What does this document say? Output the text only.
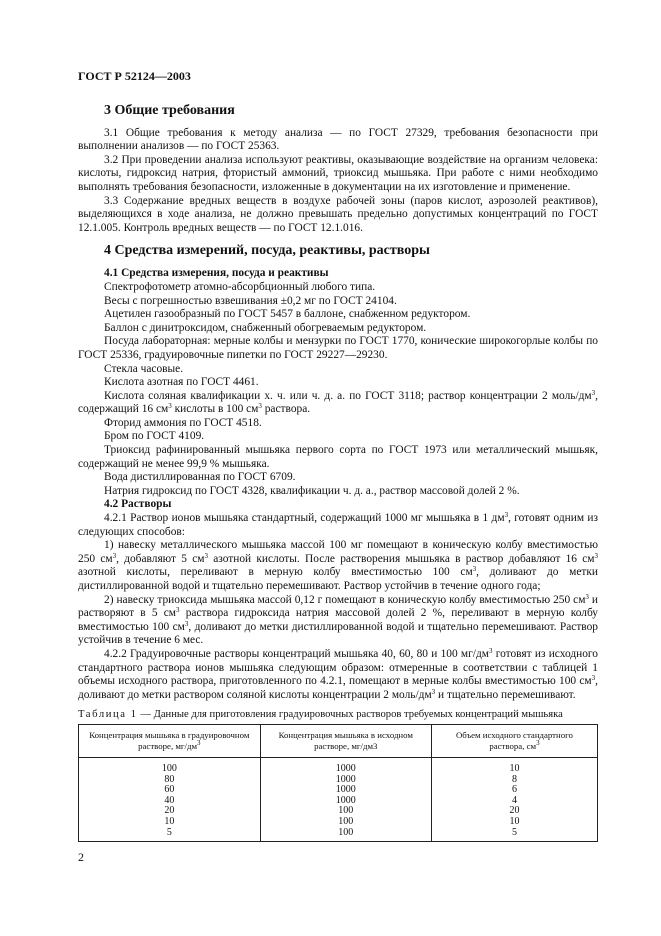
ГОСТ Р 52124—2003
3 Общие требования

3.1 Общие требования к методу анализа — по ГОСТ 27329, требования безопасности при выполнении анализов — по ГОСТ 25363.

3.2 При проведении анализа используют реактивы, оказывающие воздействие на организм человека: кислоты, гидроксид натрия, фтористый аммоний, триоксид мышьяка. При работе с ними необходимо выполнять требования безопасности, изложенные в документации на их изготовление и применение.

3.3 Содержание вредных веществ в воздухе рабочей зоны (паров кислот, аэрозолей реактивов), выделяющихся в ходе анализа, не должно превышать предельно допустимых концентраций по ГОСТ 12.1.005. Контроль вредных веществ — по ГОСТ 12.1.016.

4 Средства измерений, посуда, реактивы, растворы
4.1 Средства измерения, посуда и реактивы

Спектрофотометр атомно-абсорбционный любого типа.

Весы с погрешностью взвешивания ±0,2 мг по ГОСТ 24104.

Ацетилен газообразный по ГОСТ 5457 в баллоне, снабженном редуктором.

Баллон с динитроксидом, снабженный обогреваемым редуктором.

Посуда лабораторная: мерные колбы и мензурки по ГОСТ 1770, конические широкогорлые колбы по ГОСТ 25336, градуировочные пипетки по ГОСТ 29227—29230.

Стекла часовые.

Кислота азотная по ГОСТ 4461.

Кислота соляная квалификации х. ч. или ч. д. а. по ГОСТ 3118; раствор концентрации 2 моль/$дм^3$, содержащий 16 $см^3$ кислоты в 100 $см^3$ раствора.

Фторид аммония по ГОСТ 4518.

Бром по ГОСТ 4109.

Триоксид рафинированный мышьяка первого сорта по ГОСТ 1973 или металлический мышьяк, содержащий не менее 99,9 % мышьяка.

Вода дистиллированная по ГОСТ 6709.

Натрия гидроксид по ГОСТ 4328, квалификации ч. д. а., раствор массовой долей 2 %.

4.2 Растворы

4.2.1 Раствор ионов мышьяка стандартный, содержащий 1000 мг мышьяка в 1 $дм^3$, готовят одним из следующих способов:

1) навеску металлического мышьяка массой 100 мг помещают в коническую колбу вместимостью 250 $см^3$, добавляют 5 $см^3$ азотной кислоты. После растворения мышьяка в раствор добавляют 16 $см^3$ азотной кислоты, переливают в мерную колбу вместимостью 100 $см^3$, доливают до метки дистиллированной водой и тщательно перемешивают. Раствор устойчив в течение одного года;

2) навеску триоксида мышьяка массой 0,12 г помещают в коническую колбу вместимостью 250 $см^3$ и растворяют в 5 $см^3$ раствора гидроксида натрия массовой долей 2 %, переливают в мерную колбу вместимостью 100 $см^3$, доливают до метки дистиллированной водой и тщательно перемешивают. Раствор устойчив в течение 6 мес.

4.2.2 Градуировочные растворы концентраций мышьяка 40, 60, 80 и 100 $мг/дм^3$ готовят из исходного стандартного раствора ионов мышьяка следующим образом: отмеренные в соответствии с таблицей 1 объемы исходного раствора, приготовленного по 4.2.1, помещают в мерные колбы вместимостью 100 $см^3$, доливают до метки раствором соляной кислоты концентрации 2 моль/$дм^3$ и тщательно перемешивают.

Таблица 1 — Данные для приготовления градуировочных растворов требуемых концентраций мышьяка

Концентрация мышьяка в градуировочном растворе, $мг/дм^3$	Концентрация мышьяка в исходном растворе, мг/дм3	Объем исходного стандартного раствора, $см^3$
100	1000	10
80	1000	8
60	1000	6
40	1000	4
20	100	20
10	100	10
5	100	5
2
